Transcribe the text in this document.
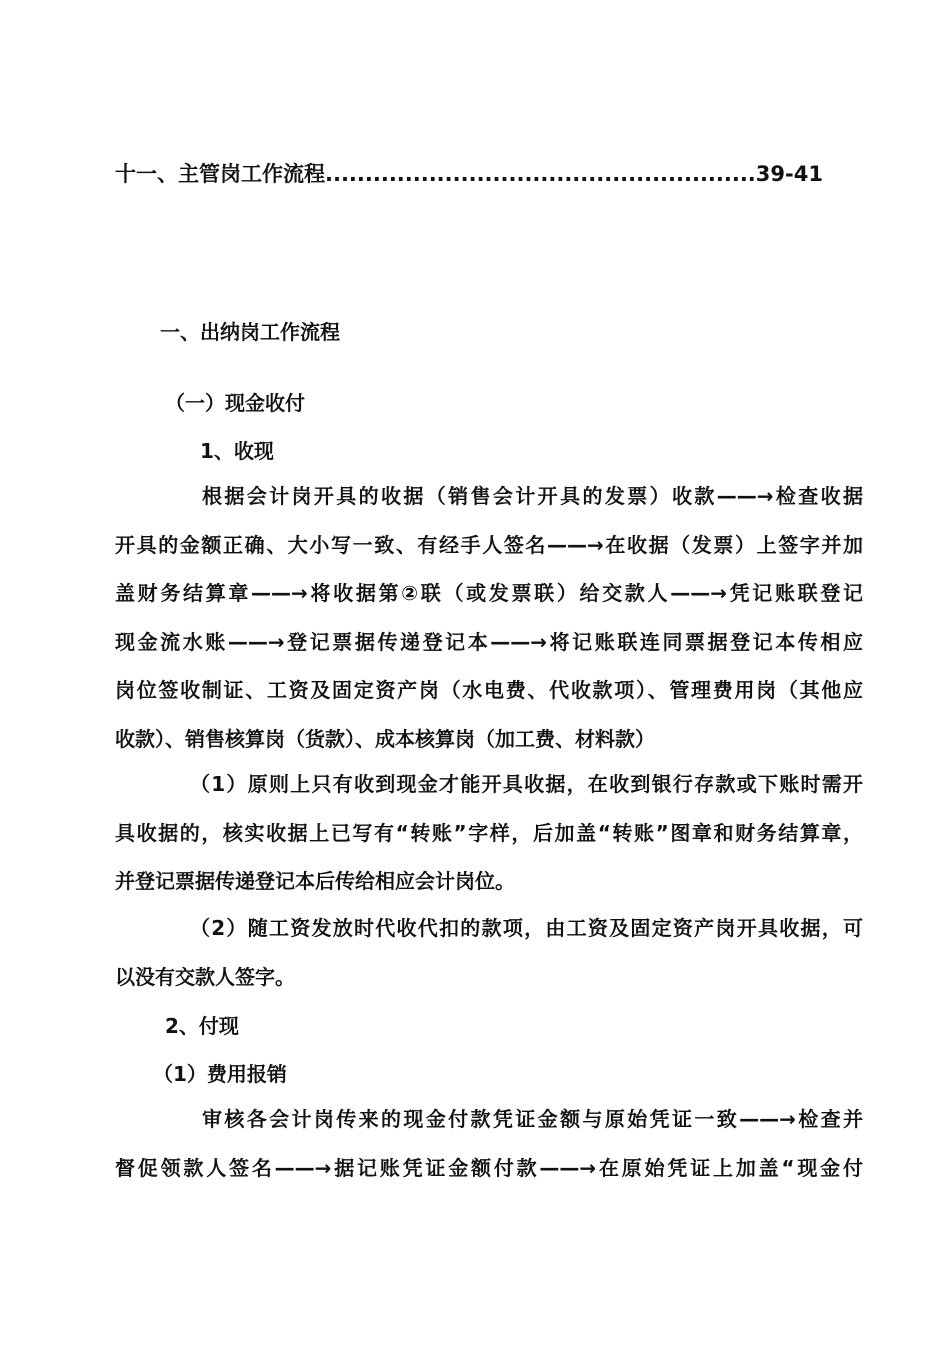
十一、主管岗工作流程......................................................39-41
一、出纳岗工作流程
（一）现金收付
1、收现
根据会计岗开具的收据（销售会计开具的发票）收款——→检查收据
开具的金额正确、大小写一致、有经手人签名——→在收据（发票）上签字并加
盖财务结算章——→将收据第②联（或发票联）给交款人——→凭记账联登记
现金流水账——→登记票据传递登记本——→将记账联连同票据登记本传相应
岗位签收制证、工资及固定资产岗（水电费、代收款项）、管理费用岗（其他应
收款）、销售核算岗（货款）、成本核算岗（加工费、材料款）
（1）原则上只有收到现金才能开具收据，在收到银行存款或下账时需开
具收据的，核实收据上已写有“转账”字样，后加盖“转账”图章和财务结算章，
并登记票据传递登记本后传给相应会计岗位。
（2）随工资发放时代收代扣的款项，由工资及固定资产岗开具收据，可
以没有交款人签字。
2、付现
（1）费用报销
审核各会计岗传来的现金付款凭证金额与原始凭证一致——→检查并
督促领款人签名——→据记账凭证金额付款——→在原始凭证上加盖“现金付
